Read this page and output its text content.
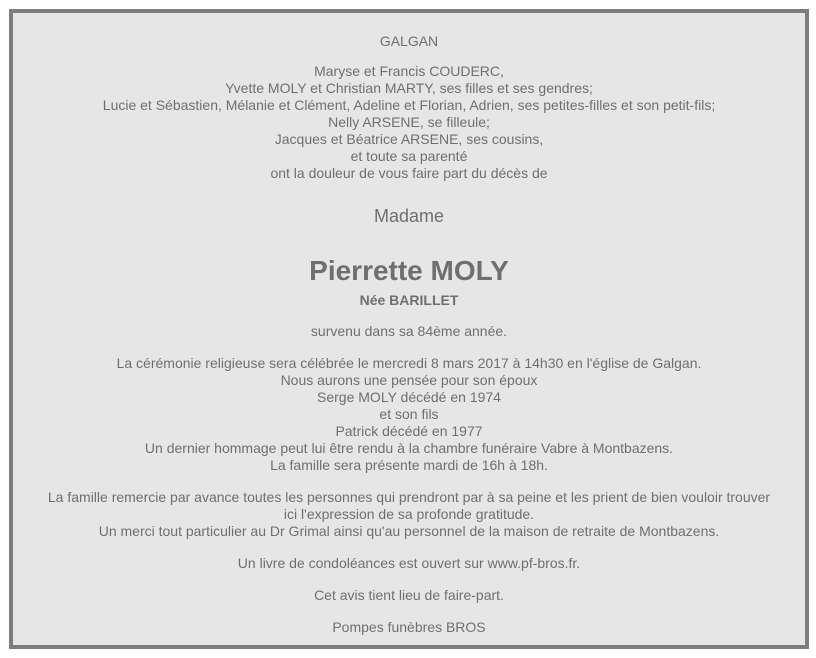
GALGAN
Maryse et Francis COUDERC,
Yvette MOLY et Christian MARTY, ses filles et ses gendres;
Lucie et Sébastien, Mélanie et Clément, Adeline et Florian, Adrien, ses petites-filles et son petit-fils;
Nelly ARSENE, se filleule;
Jacques et Béatrice ARSENE, ses cousins,
et toute sa parenté
ont la douleur de vous faire part du décès de
Madame
Pierrette MOLY
Née BARILLET
survenu dans sa 84ème année.
La cérémonie religieuse sera célébrée le mercredi 8 mars 2017 à 14h30 en l'église de Galgan.
Nous aurons une pensée pour son époux
Serge MOLY décédé en 1974
et son fils
Patrick décédé en 1977
Un dernier hommage peut lui être rendu à la chambre funéraire Vabre à Montbazens.
La famille sera présente mardi de 16h à 18h.
La famille remercie par avance toutes les personnes qui prendront par à sa peine et les prient de bien vouloir trouver
ici l'expression de sa profonde gratitude.
Un merci tout particulier au Dr Grimal ainsi qu'au personnel de la maison de retraite de Montbazens.
Un livre de condoléances est ouvert sur www.pf-bros.fr.
Cet avis tient lieu de faire-part.
Pompes funèbres BROS
